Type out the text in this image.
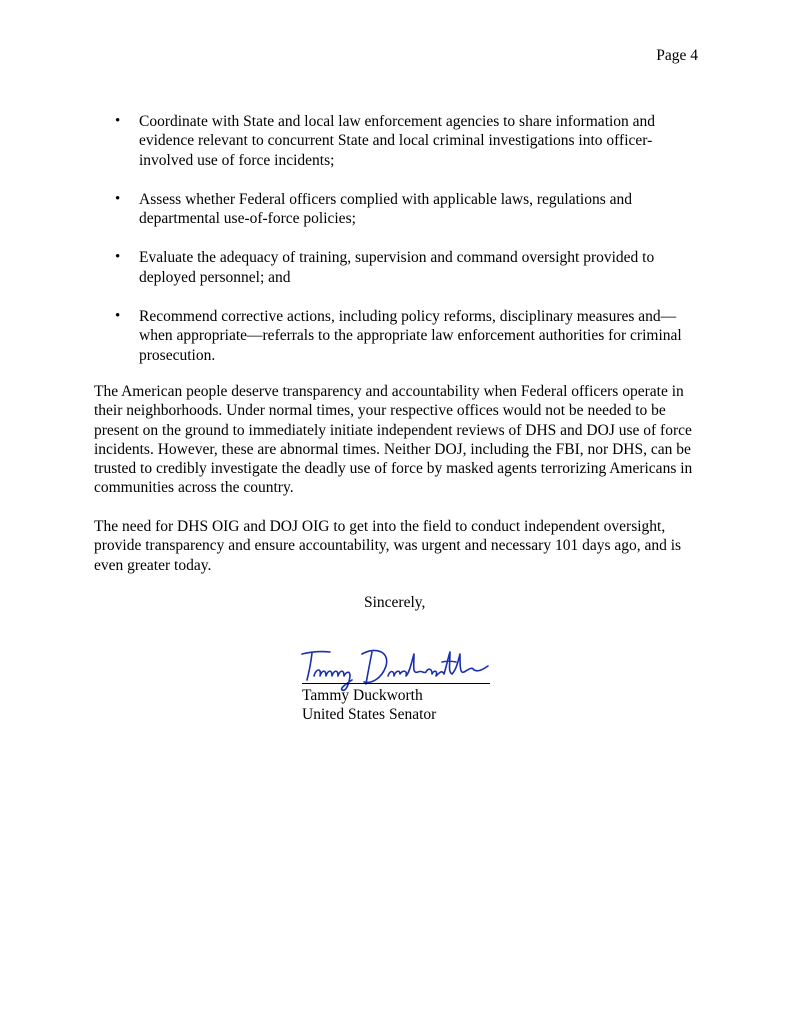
Page 4
• Coordinate with State and local law enforcement agencies to share information and evidence relevant to concurrent State and local criminal investigations into officer-involved use of force incidents;
• Assess whether Federal officers complied with applicable laws, regulations and departmental use-of-force policies;
• Evaluate the adequacy of training, supervision and command oversight provided to deployed personnel; and
• Recommend corrective actions, including policy reforms, disciplinary measures and—when appropriate—referrals to the appropriate law enforcement authorities for criminal prosecution.

The American people deserve transparency and accountability when Federal officers operate in their neighborhoods. Under normal times, your respective offices would not be needed to be present on the ground to immediately initiate independent reviews of DHS and DOJ use of force incidents. However, these are abnormal times. Neither DOJ, including the FBI, nor DHS, can be trusted to credibly investigate the deadly use of force by masked agents terrorizing Americans in communities across the country.

The need for DHS OIG and DOJ OIG to get into the field to conduct independent oversight, provide transparency and ensure accountability, was urgent and necessary 101 days ago, and is even greater today.

Sincerely,
Tammy Duckworth
United States Senator
